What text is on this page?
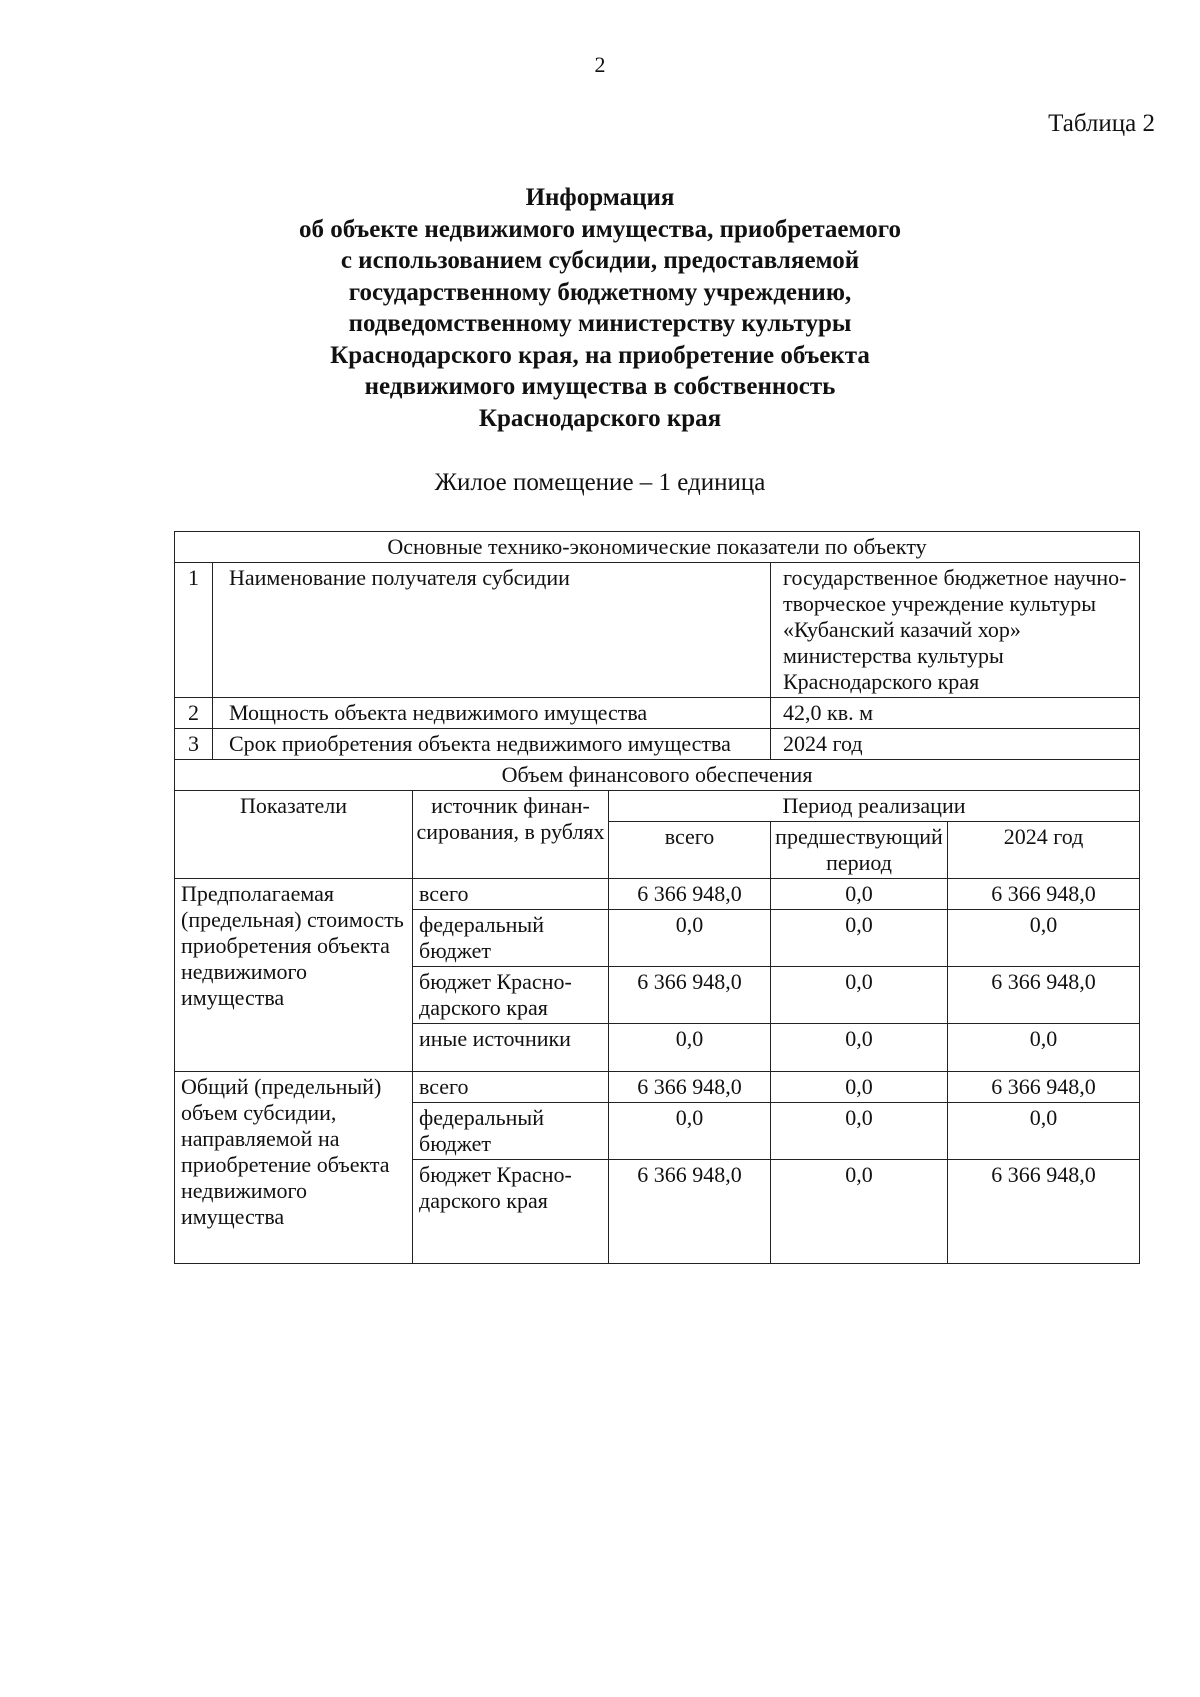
2
Таблица 2
Информация
об объекте недвижимого имущества, приобретаемого
с использованием субсидии, предоставляемой
государственному бюджетному учреждению,
подведомственному министерству культуры
Краснодарского края, на приобретение объекта
недвижимого имущества в собственность
Краснодарского края
Жилое помещение – 1 единица
Основные технико-экономические показатели по объекту					
1	Наименование получателя субсидии			государственное бюджетное научно-творческое учреждение культуры «Кубанский казачий хор» министерства культуры Краснодарского края	
2	Мощность объекта недвижимого имущества			42,0 кв. м	
3	Срок приобретения объекта недвижимого имущества			2024 год	
Объем финансового обеспечения					
Показатели		источник финан-сирования, в рублях	Период реализации		
			всего	предшествующий период	2024 год
Предполагаемая (предельная) стоимость приобретения объекта недвижимого имущества		всего	6 366 948,0	0,0	6 366 948,0
		федеральный бюджет	0,0	0,0	0,0
		бюджет Красно-дарского края	6 366 948,0	0,0	6 366 948,0
		иные источники	0,0	0,0	0,0
Общий (предельный) объем субсидии, направляемой на приобретение объекта недвижимого имущества		всего	6 366 948,0	0,0	6 366 948,0
		федеральный бюджет	0,0	0,0	0,0
		бюджет Красно-дарского края	6 366 948,0	0,0	6 366 948,0
